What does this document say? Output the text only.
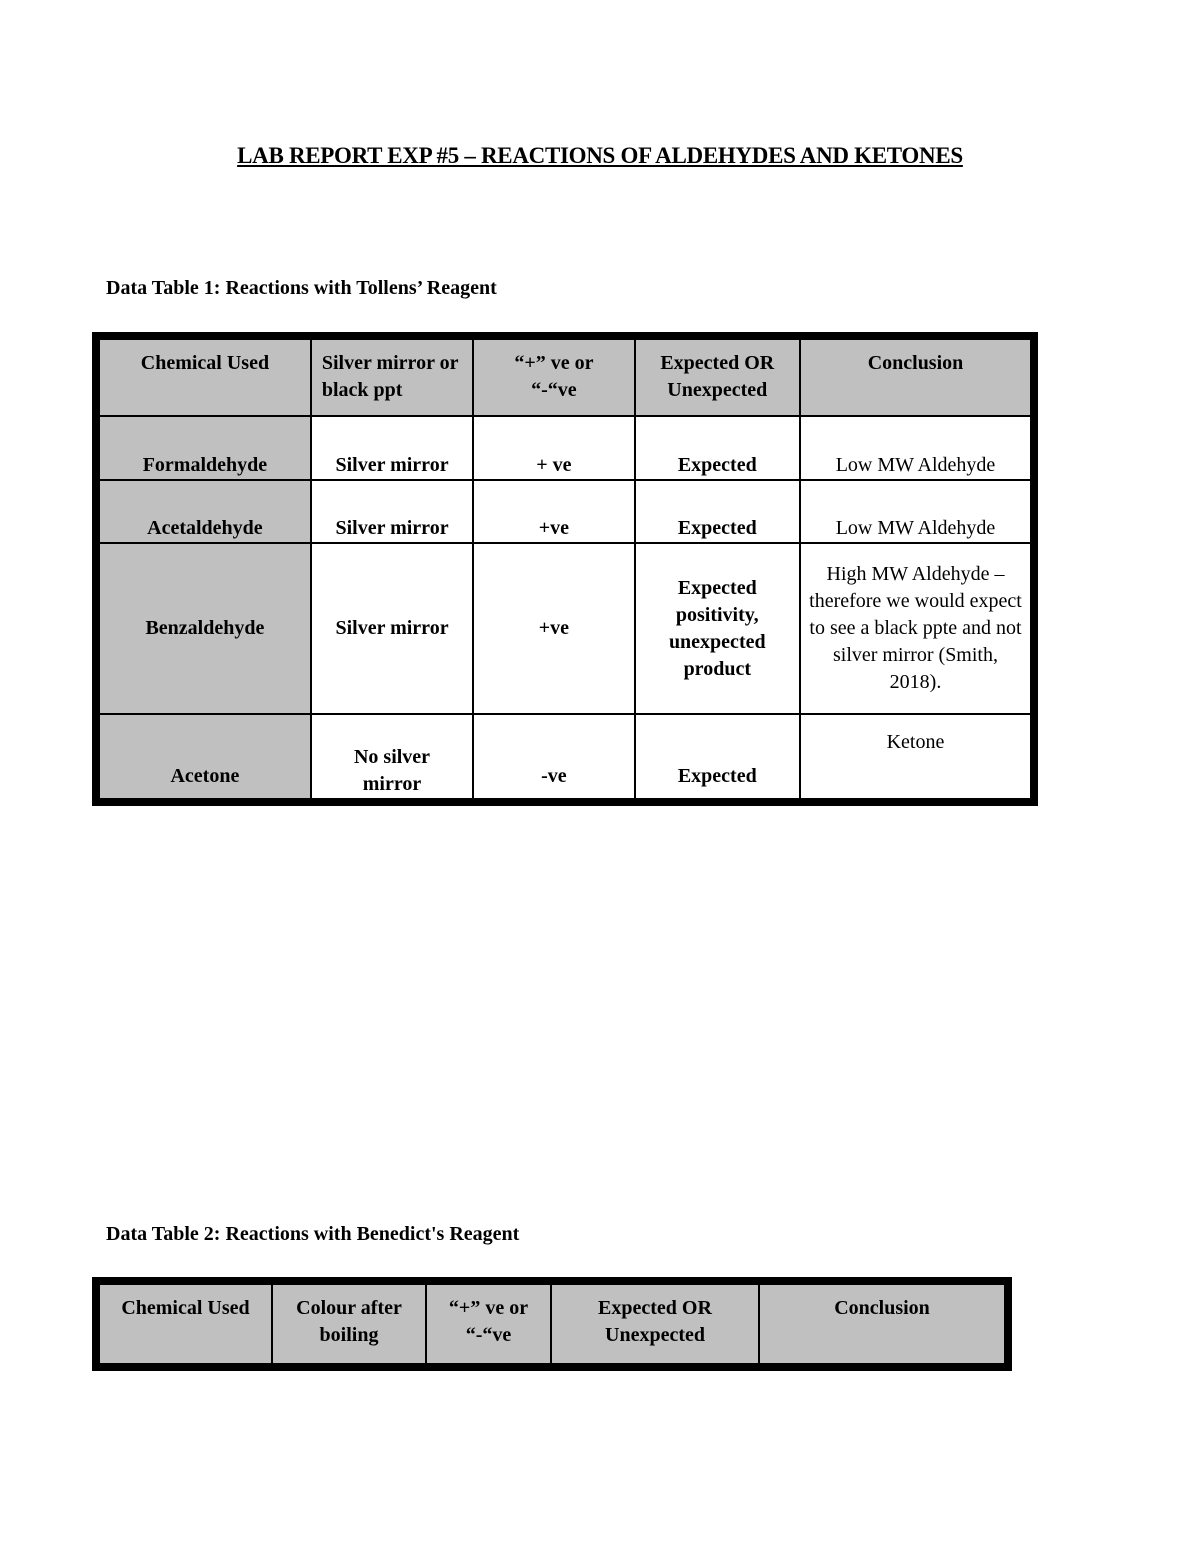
LAB REPORT EXP #5 – REACTIONS OF ALDEHYDES AND KETONES
Data Table 1: Reactions with Tollens’ Reagent
Chemical Used	Silver mirror or black ppt	“+” ve or “-“ve	Expected OR Unexpected	Conclusion
Formaldehyde	Silver mirror	+ ve	Expected	Low MW Aldehyde
Acetaldehyde	Silver mirror	+ve	Expected	Low MW Aldehyde
Benzaldehyde	Silver mirror	+ve	Expected positivity, unexpected product	High MW Aldehyde – therefore we would expect to see a black ppte and not silver mirror (Smith, 2018).
Acetone	No silver mirror	-ve	Expected	Ketone
Data Table 2: Reactions with Benedict's Reagent
Chemical Used	Colour after boiling	“+” ve or “-“ve	Expected OR Unexpected	Conclusion
